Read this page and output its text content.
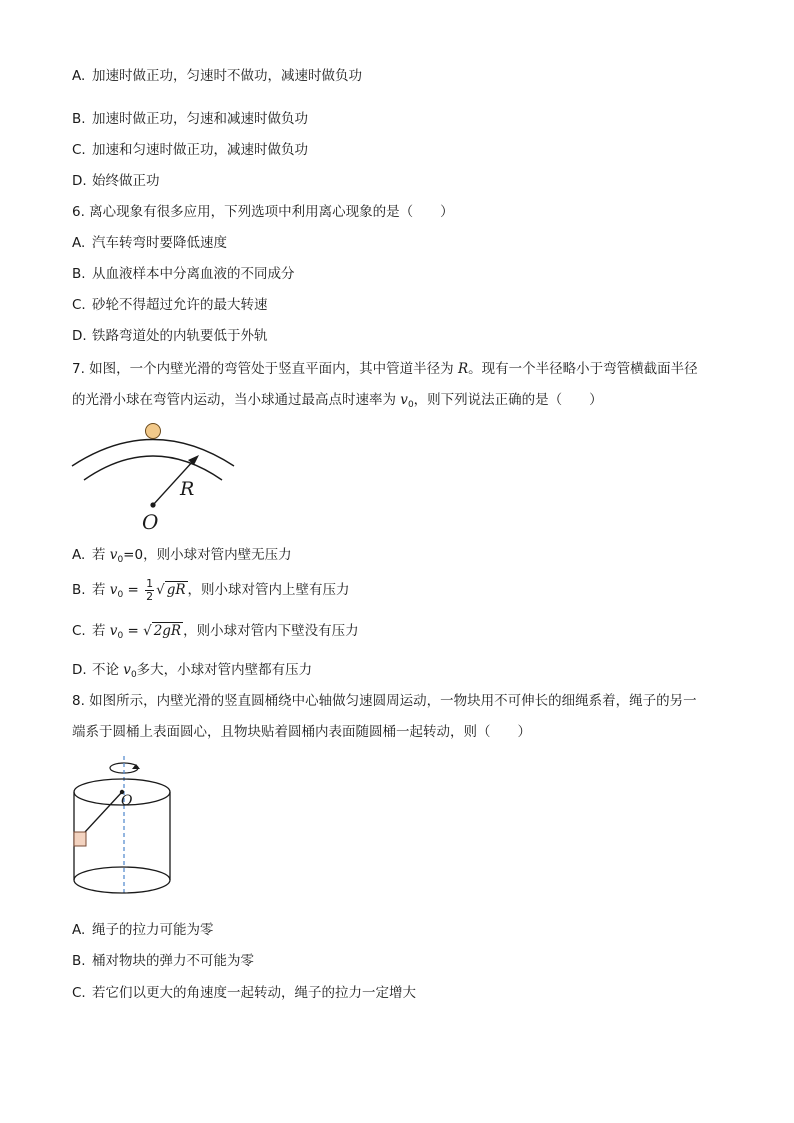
A. 加速时做正功，匀速时不做功，减速时做负功
B. 加速时做正功，匀速和减速时做负功
C. 加速和匀速时做正功，减速时做负功
D. 始终做正功
6. 离心现象有很多应用，下列选项中利用离心现象的是（　　）
A. 汽车转弯时要降低速度
B. 从血液样本中分离血液的不同成分
C. 砂轮不得超过允许的最大转速
D. 铁路弯道处的内轨要低于外轨
7. 如图，一个内壁光滑的弯管处于竖直平面内，其中管道半径为 R。现有一个半径略小于弯管横截面半径
的光滑小球在弯管内运动，当小球通过最高点时速率为 $v_0$，则下列说法正确的是（　　）
R
O
A. 若 $v_0=0$，则小球对管内壁无压力
B. 若 $v_0 = \frac{1}{2}$ √ gR ，则小球对管内上壁有压力
C. 若 $v_0$ = √ 2gR ，则小球对管内下壁没有压力
D. 不论 $v_0$多大，小球对管内壁都有压力
8. 如图所示，内壁光滑的竖直圆桶绕中心轴做匀速圆周运动，一物块用不可伸长的细绳系着，绳子的另一
端系于圆桶上表面圆心，且物块贴着圆桶内表面随圆桶一起转动，则（　　）
O
A. 绳子的拉力可能为零
B. 桶对物块的弹力不可能为零
C. 若它们以更大的角速度一起转动，绳子的拉力一定增大
